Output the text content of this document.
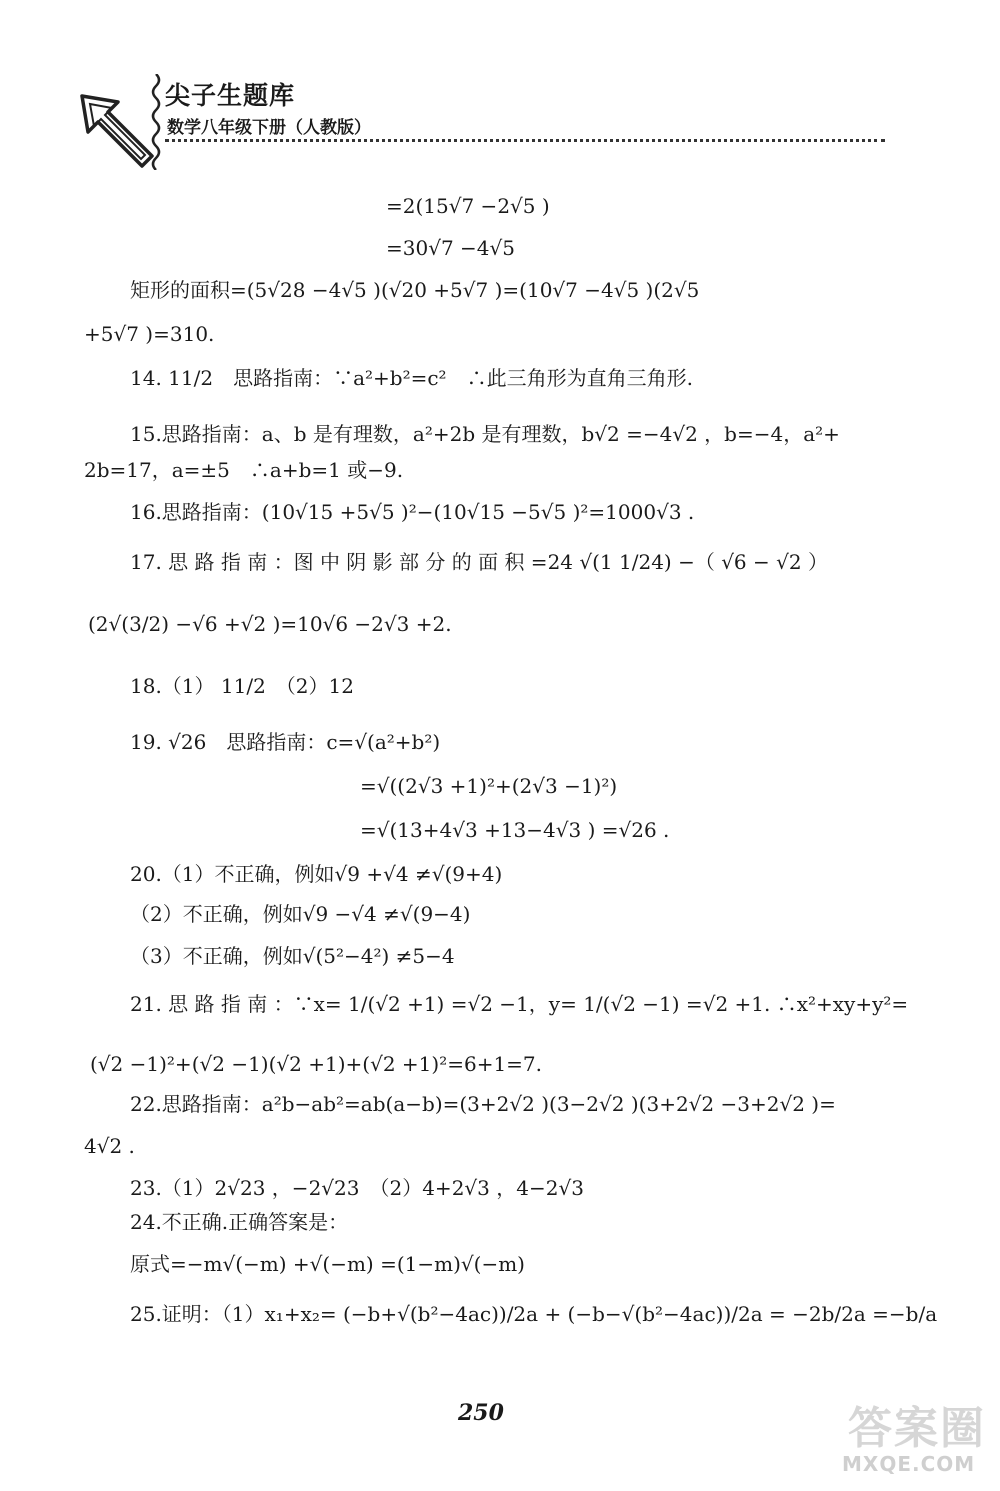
尖子生题库
数学八年级下册（人教版）
=2(15√7 −2√5 )
=30√7 −4√5
矩形的面积=(5√28 −4√5 )(√20 +5√7 )=(10√7 −4√5 )(2√5
+5√7 )=310.
14. 11/2　思路指南：∵a²+b²=c²　∴此三角形为直角三角形.
15.思路指南：a、b 是有理数，a²+2b 是有理数，b√2 =−4√2 ，b=−4，a²+
2b=17，a=±5　∴a+b=1 或−9.
16.思路指南：(10√15 +5√5 )²−(10√15 −5√5 )²=1000√3 .
17. 思 路 指 南 ：图 中 阴 影 部 分 的 面 积 =24 √(1 1/24) −（ √6 − √2 ）
(2√(3/2) −√6 +√2 )=10√6 −2√3 +2.
18.（1） 11/2　（2）12
19. √26　思路指南：c=√(a²+b²)
=√((2√3 +1)²+(2√3 −1)²)
=√(13+4√3 +13−4√3 ) =√26 .
20.（1）不正确，例如√9 +√4 ≠√(9+4)
（2）不正确，例如√9 −√4 ≠√(9−4)
（3）不正确，例如√(5²−4²) ≠5−4
21. 思 路 指 南 ：∵x= 1/(√2 +1) =√2 −1，y= 1/(√2 −1) =√2 +1. ∴x²+xy+y²=
(√2 −1)²+(√2 −1)(√2 +1)+(√2 +1)²=6+1=7.
22.思路指南：a²b−ab²=ab(a−b)=(3+2√2 )(3−2√2 )(3+2√2 −3+2√2 )=
4√2 .
23.（1）2√23 ，−2√23　（2）4+2√3 ，4−2√3
24.不正确.正确答案是：
原式=−m√(−m) +√(−m) =(1−m)√(−m)
25.证明：（1）x₁+x₂= (−b+√(b²−4ac))/2a + (−b−√(b²−4ac))/2a = −2b/2a =−b/a
250	答案圈
MXQE.COM
